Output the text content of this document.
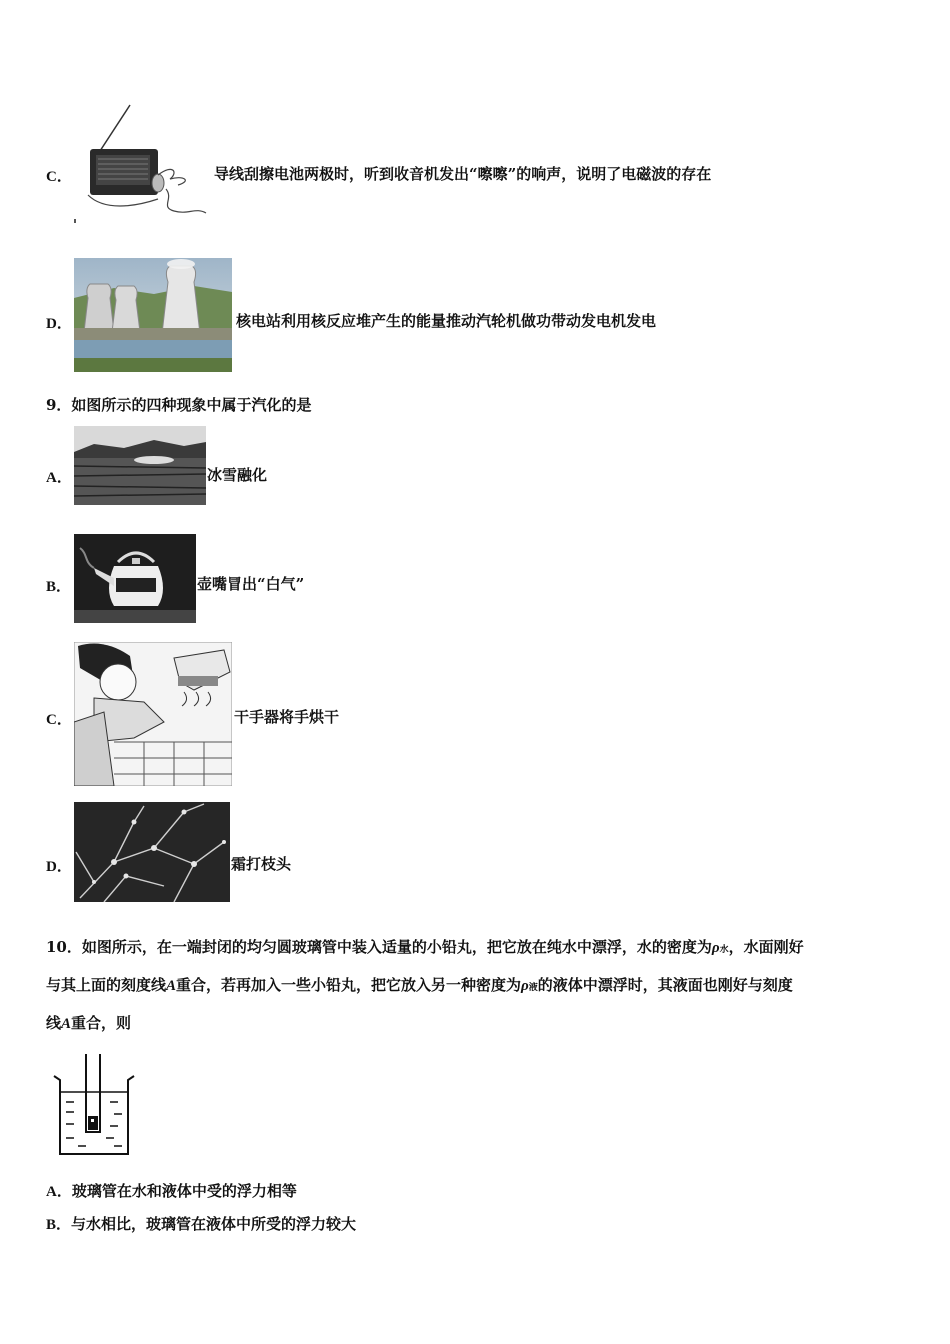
C．	导线刮擦电池两极时，听到收音机发出“嚓嚓”的响声，说明了电磁波的存在
D．	核电站利用核反应堆产生的能量推动汽轮机做功带动发电机发电
9．如图所示的四种现象中属于汽化的是
A．	冰雪融化
B．	壶嘴冒出“白气”
C．	干手器将手烘干
D．	霜打枝头
10．如图所示，在一端封闭的均匀圆玻璃管中装入适量的小铅丸，把它放在纯水中漂浮，水的密度为ρ水，水面刚好
与其上面的刻度线A重合，若再加入一些小铅丸，把它放入另一种密度为ρ液的液体中漂浮时，其液面也刚好与刻度
线A重合，则
A．玻璃管在水和液体中受的浮力相等
B．与水相比，玻璃管在液体中所受的浮力较大
